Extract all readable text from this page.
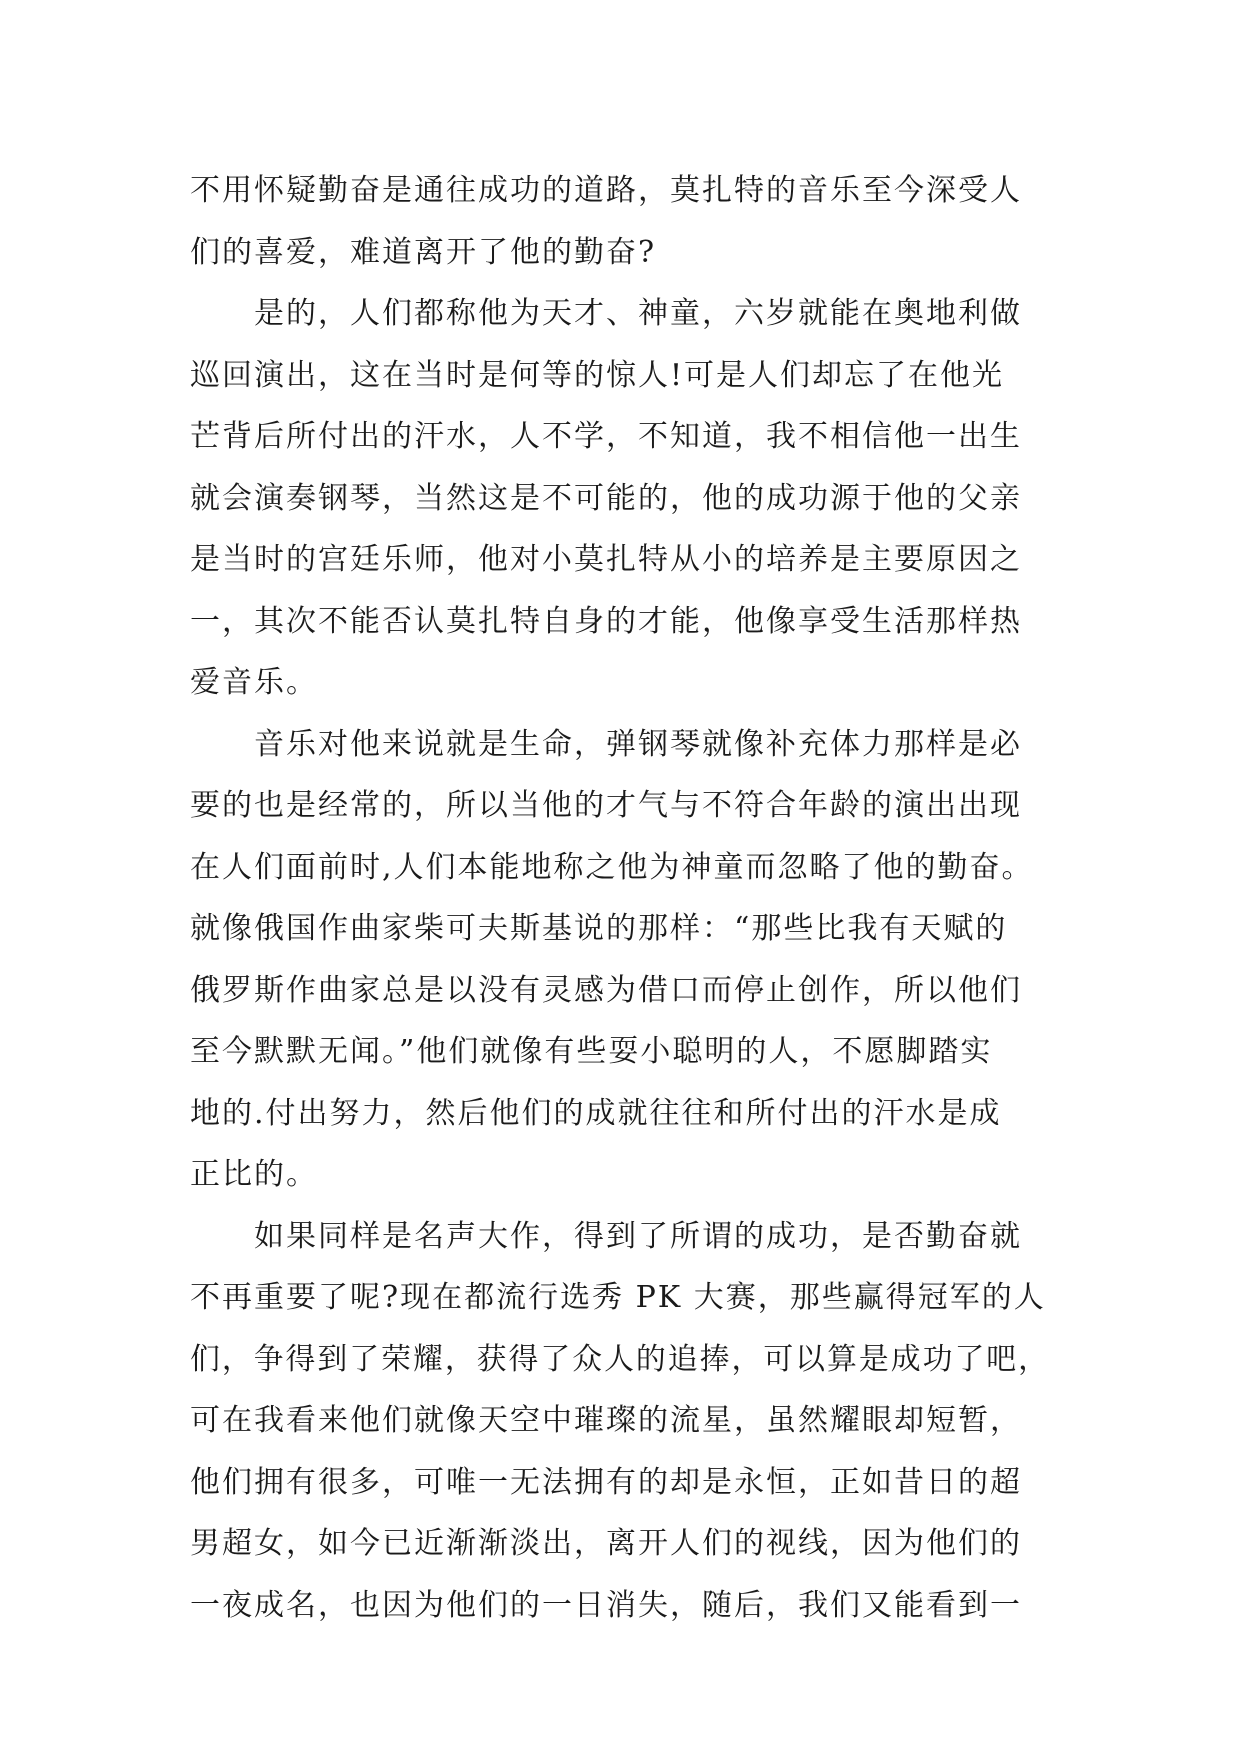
不用怀疑勤奋是通往成功的道路，莫扎特的音乐至今深受人
们的喜爱，难道离开了他的勤奋?
是的，人们都称他为天才、神童，六岁就能在奥地利做
巡回演出，这在当时是何等的惊人!可是人们却忘了在他光
芒背后所付出的汗水，人不学，不知道，我不相信他一出生
就会演奏钢琴，当然这是不可能的，他的成功源于他的父亲
是当时的宫廷乐师，他对小莫扎特从小的培养是主要原因之
一，其次不能否认莫扎特自身的才能，他像享受生活那样热
爱音乐。
音乐对他来说就是生命，弹钢琴就像补充体力那样是必
要的也是经常的，所以当他的才气与不符合年龄的演出出现
在人们面前时,人们本能地称之他为神童而忽略了他的勤奋。
就像俄国作曲家柴可夫斯基说的那样：“那些比我有天赋的
俄罗斯作曲家总是以没有灵感为借口而停止创作，所以他们
至今默默无闻。”他们就像有些耍小聪明的人，不愿脚踏实
地的.付出努力，然后他们的成就往往和所付出的汗水是成
正比的。
如果同样是名声大作，得到了所谓的成功，是否勤奋就
不再重要了呢?现在都流行选秀 PK 大赛，那些赢得冠军的人
们，争得到了荣耀，获得了众人的追捧，可以算是成功了吧，
可在我看来他们就像天空中璀璨的流星，虽然耀眼却短暂，
他们拥有很多，可唯一无法拥有的却是永恒，正如昔日的超
男超女，如今已近渐渐淡出，离开人们的视线，因为他们的
一夜成名，也因为他们的一日消失，随后，我们又能看到一
